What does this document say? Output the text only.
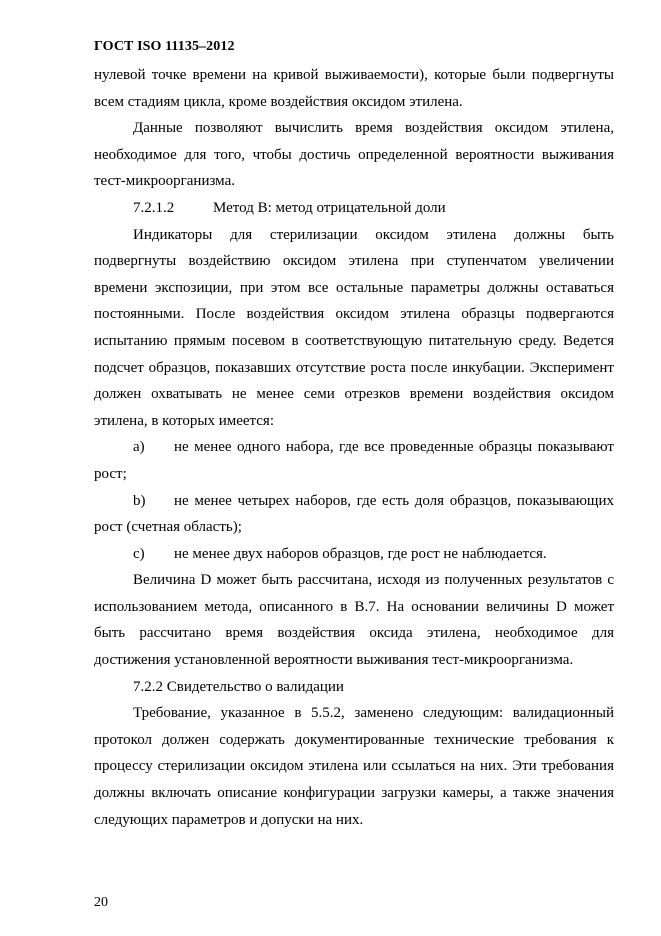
ГОСТ ISO 11135–2012

нулевой точке времени на кривой выживаемости), которые были подвергнуты всем стадиям цикла, кроме воздействия оксидом этилена.

Данные позволяют вычислить время воздействия оксидом этилена, необходимое для того, чтобы достичь определенной вероятности выживания тест-микроорганизма.

7.2.1.2	Метод В: метод отрицательной доли

Индикаторы для стерилизации оксидом этилена должны быть подвергнуты воздействию оксидом этилена при ступенчатом увеличении времени экспозиции, при этом все остальные параметры должны оставаться постоянными. После воздействия оксидом этилена образцы подвергаются испытанию прямым посевом в соответствующую питательную среду. Ведется подсчет образцов, показавших отсутствие роста после инкубации. Эксперимент должен охватывать не менее семи отрезков времени воздействия оксидом этилена, в которых имеется:

a) не менее одного набора, где все проведенные образцы показывают рост;

b) не менее четырех наборов, где есть доля образцов, показывающих рост (счетная область);

c) не менее двух наборов образцов, где рост не наблюдается.

Величина D может быть рассчитана, исходя из полученных результатов с использованием метода, описанного в В.7. На основании величины D может быть рассчитано время воздействия оксида этилена, необходимое для достижения установленной вероятности выживания тест-микроорганизма.

7.2.2 Свидетельство о валидации

Требование, указанное в 5.5.2, заменено следующим: валидационный протокол должен содержать документированные технические требования к процессу стерилизации оксидом этилена или ссылаться на них. Эти требования должны включать описание конфигурации загрузки камеры, а также значения следующих параметров и допуски на них.

20
